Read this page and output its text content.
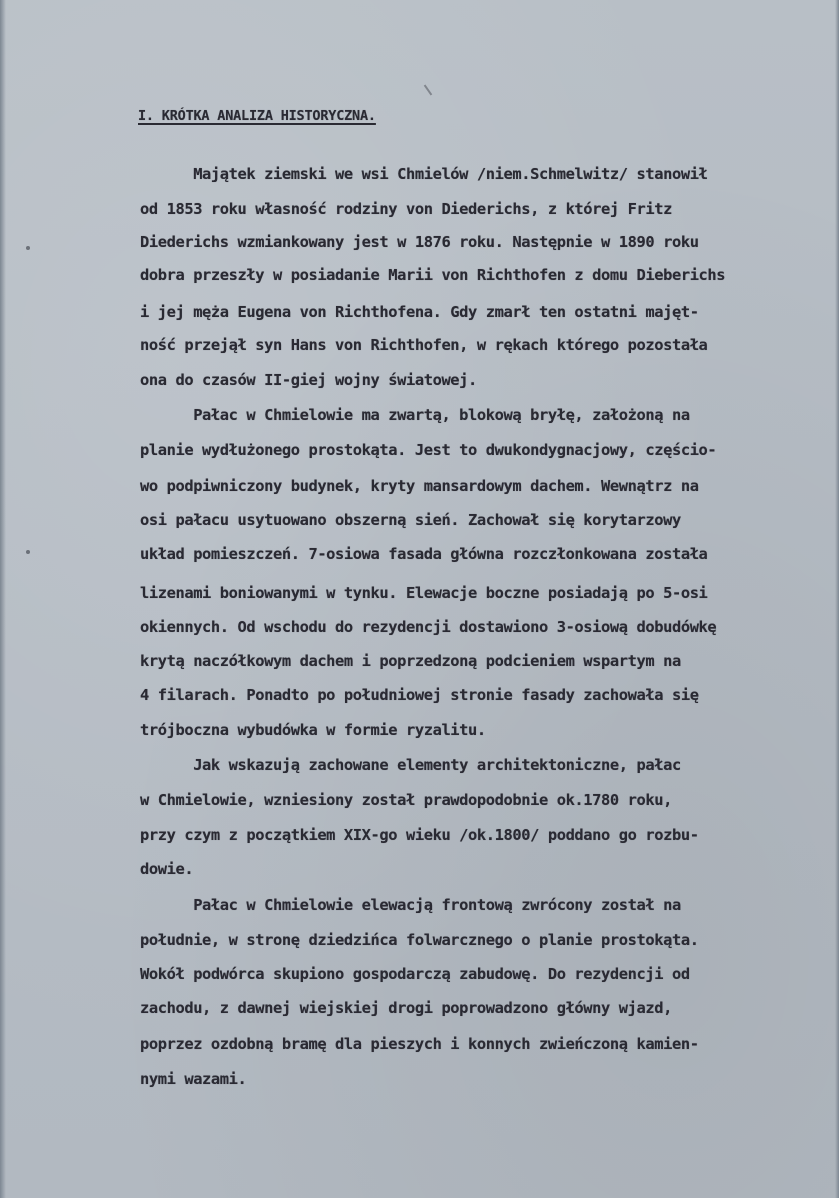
I. KRÓTKA ANALIZA HISTORYCZNA.
Majątek ziemski we wsi Chmielów /niem.Schmelwitz/ stanowił
od 1853 roku własność rodziny von Diederichs, z której Fritz
Diederichs wzmiankowany jest w 1876 roku. Następnie w 1890 roku
dobra przeszły w posiadanie Marii von Richthofen z domu Dieberichs
i jej męża Eugena von Richthofena. Gdy zmarł ten ostatni majęt-
ność przejął syn Hans von Richthofen, w rękach którego pozostała
ona do czasów II-giej wojny światowej.
Pałac w Chmielowie ma zwartą, blokową bryłę, założoną na
planie wydłużonego prostokąta. Jest to dwukondygnacjowy, częścio-
wo podpiwniczony budynek, kryty mansardowym dachem. Wewnątrz na
osi pałacu usytuowano obszerną sień. Zachował się korytarzowy
układ pomieszczeń. 7-osiowa fasada główna rozczłonkowana została
lizenami boniowanymi w tynku. Elewacje boczne posiadają po 5-osi
okiennych. Od wschodu do rezydencji dostawiono 3-osiową dobudówkę
krytą naczółkowym dachem i poprzedzoną podcieniem wspartym na
4 filarach. Ponadto po południowej stronie fasady zachowała się
trójboczna wybudówka w formie ryzalitu.
Jak wskazują zachowane elementy architektoniczne, pałac
w Chmielowie, wzniesiony został prawdopodobnie ok.1780 roku,
przy czym z początkiem XIX-go wieku /ok.1800/ poddano go rozbu-
dowie.
Pałac w Chmielowie elewacją frontową zwrócony został na
południe, w stronę dziedzińca folwarcznego o planie prostokąta.
Wokół podwórca skupiono gospodarczą zabudowę. Do rezydencji od
zachodu, z dawnej wiejskiej drogi poprowadzono główny wjazd,
poprzez ozdobną bramę dla pieszych i konnych zwieńczoną kamien-
nymi wazami.
